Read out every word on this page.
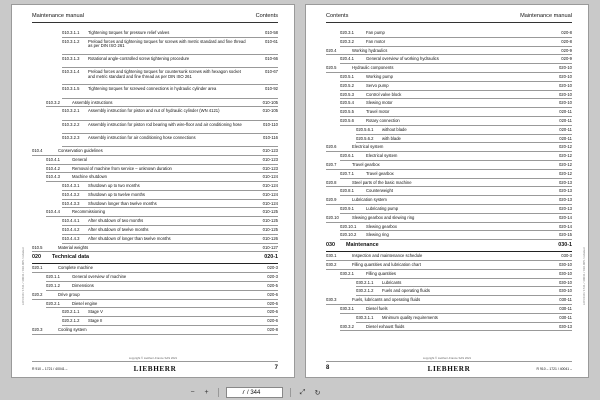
Maintenance manual	Contents
010.3.1.1 Tightening torques for pressure relief valves	010-58
010.3.1.2 Preload forces and tightening torques for screws with metric standard and fine thread as per DIN ISO 261
010-61
010.3.1.3 Rotational angle-controlled screw tightening procedure	010-66
010.3.1.4 Preload forces and tightening torques for countersunk screws with hexagon socket and metric standard and fine thread as per DIN ISO 261
010-67
010.3.1.5 Tightening torques for screwed connections in hydraulic cylinder area	010-92
010.3.2	Assembly instructions	010-105
010.3.2.1 Assembly instruction for piston and nut of hydraulic cylinder (WN 4121)	010-105
010.3.2.2 Assembly instruction for piston rod bearing with wire-floor and air conditioning hose	010-110
010.3.2.3 Assembly instruction for air conditioning hose connections	010-116
010.4	Conservation guidelines	010-123
010.4.1	General	010-123
010.4.2	Removal of machine from service – unknown duration	010-123
010.4.3	Machine shutdown	010-124
010.4.3.1 Shutdown up to two months	010-124
010.4.3.2 Shutdown up to twelve months	010-124
010.4.3.3 Shutdown longer than twelve months	010-124
010.4.4	Recommissioning	010-125
010.4.4.1 After shutdown of two months	010-125
010.4.4.2 After shutdown of twelve months	010-125
010.4.4.3 After shutdown of longer than twelve months	010-126
010.5	Material weights	010-127
020 Technical data	020-1
020.1	Complete machine	020-3
020.1.1	General overview of machine	020-3
020.1.2	Dimensions	020-5
020.2	Drive group	020-6
020.2.1	Diesel engine	020-6
020.2.1.1 Stage V	020-6
020.2.1.2 Stage II	020-6
020.3	Cooling system	020-8
LFN 030 / 1721 / 40041 / 010.005 / rebeled
copyright © Liebherr-France SAS 2021
R 910 – 1721 / 40041 –	LIEBHERR	7
Contents	Maintenance manual
020.3.1	Fan pump	020-8
020.3.2	Fan motor	020-8
020.4	Working hydraulics	020-9
020.4.1	General overview of working hydraulics	020-9
020.5	Hydraulic components	020-10
020.5.1	Working pump	020-10
020.5.2	Servo pump	020-10
020.5.3	Control valve block	020-10
020.5.4	Slewing motor	020-10
020.5.5	Travel motor	020-11
020.5.6	Rotary connection	020-11
020.5.6.1 without blade	020-11
020.5.6.2 with blade	020-11
020.6	Electrical system	020-12
020.6.1	Electrical system	020-12
020.7	Travel gearbox	020-12
020.7.1	Travel gearbox	020-12
020.8	Steel parts of the basic machine	020-13
020.8.1	Counterweight	020-13
020.9	Lubrication system	020-13
020.9.1	Lubricating pump	020-13
020.10	Slewing gearbox and slewing ring	020-14
020.10.1 Slewing gearbox	020-14
020.10.2 Slewing ring	020-15
030 Maintenance	030-1
030.1	Inspection and maintenance schedule	030-3
030.2	Filling quantities and lubrication chart	030-10
030.2.1	Filling quantities	030-10
030.2.1.1 Lubricants	030-10
030.2.1.2 Fuels and operating fluids	030-10
030.3	Fuels, lubricants and operating fluids	030-11
030.3.1	Diesel fuels	030-11
030.3.1.1 Minimum quality requirements	030-11
030.3.2	Diesel exhaust fluids	030-13
LFN 030 / 1721 / 40041 / 010.005 / rebeled
copyright © Liebherr-France SAS 2021
8	LIEBHERR	R 910 – 1721 / 40041 –
− +
7	/ 344	⤢ ↻
